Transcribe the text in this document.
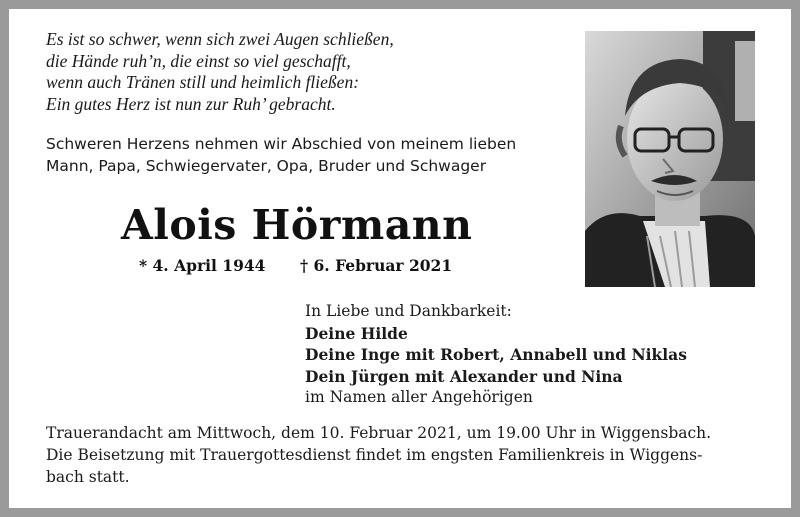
Es ist so schwer, wenn sich zwei Augen schließen,
die Hände ruh’n, die einst so viel geschafft,
wenn auch Tränen still und heimlich fließen:
Ein gutes Herz ist nun zur Ruh’ gebracht.
Schweren Herzens nehmen wir Abschied von meinem lieben
Mann, Papa, Schwiegervater, Opa, Bruder und Schwager
Alois Hörmann
* 4. April 1944 † 6. Februar 2021
In Liebe und Dankbarkeit:
Deine Hilde
Deine Inge mit Robert, Annabell und Niklas
Dein Jürgen mit Alexander und Nina
im Namen aller Angehörigen
Trauerandacht am Mittwoch, dem 10. Februar 2021, um 19.00 Uhr in Wiggensbach.
Die Beisetzung mit Trauergottesdienst findet im engsten Familienkreis in Wiggens-
bach statt.
